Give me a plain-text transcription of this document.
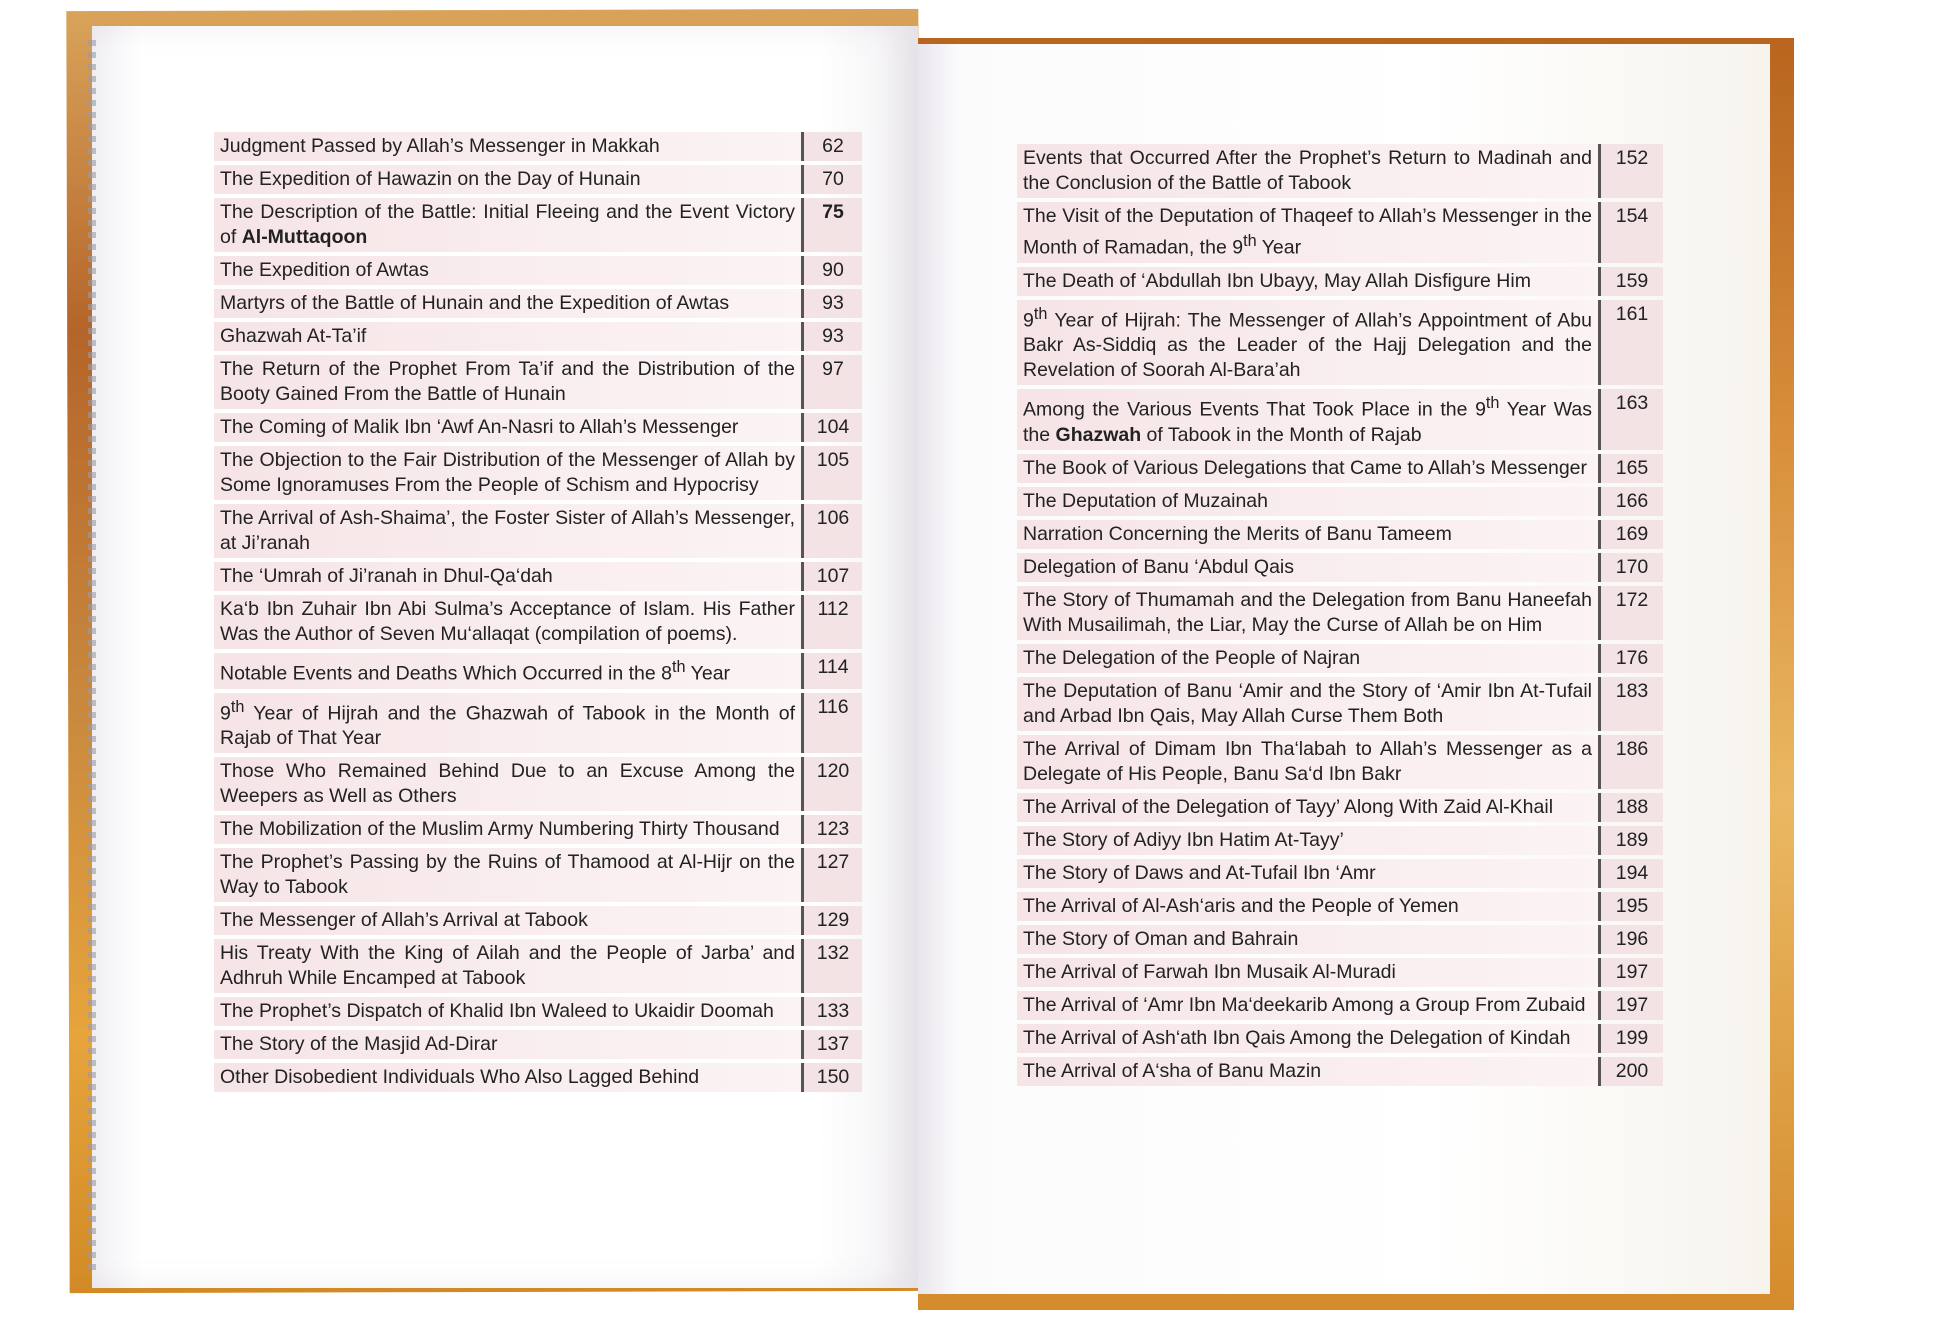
Judgment Passed by Allah’s Messenger in Makkah	62
The Expedition of Hawazin on the Day of Hunain	70
The Description of the Battle: Initial Fleeing and the Event Victory of Al-Muttaqoon	75
The Expedition of Awtas	90
Martyrs of the Battle of Hunain and the Expedition of Awtas	93
Ghazwah At-Ta’if	93
The Return of the Prophet From Ta’if and the Distribution of the Booty Gained From the Battle of Hunain	97
The Coming of Malik Ibn ‘Awf An-Nasri to Allah’s Messenger	104
The Objection to the Fair Distribution of the Messenger of Allah by Some Ignoramuses From the People of Schism and Hypocrisy	105
The Arrival of Ash-Shaima’, the Foster Sister of Allah’s Messenger, at Ji’ranah	106
The ‘Umrah of Ji’ranah in Dhul-Qa‘dah	107
Ka‘b Ibn Zuhair Ibn Abi Sulma’s Acceptance of Islam. His Father Was the Author of Seven Mu‘allaqat (compilation of poems).	112
Notable Events and Deaths Which Occurred in the 8th Year	114
9th Year of Hijrah and the Ghazwah of Tabook in the Month of Rajab of That Year	116
Those Who Remained Behind Due to an Excuse Among the Weepers as Well as Others	120
The Mobilization of the Muslim Army Numbering Thirty Thousand	123
The Prophet’s Passing by the Ruins of Thamood at Al-Hijr on the Way to Tabook	127
The Messenger of Allah’s Arrival at Tabook	129
His Treaty With the King of Ailah and the People of Jarba’ and Adhruh While Encamped at Tabook	132
The Prophet’s Dispatch of Khalid Ibn Waleed to Ukaidir Doomah	133
The Story of the Masjid Ad-Dirar	137
Other Disobedient Individuals Who Also Lagged Behind	150
Events that Occurred After the Prophet’s Return to Madinah and the Conclusion of the Battle of Tabook	152
The Visit of the Deputation of Thaqeef to Allah’s Messenger in the Month of Ramadan, the 9th Year	154
The Death of ‘Abdullah Ibn Ubayy, May Allah Disfigure Him	159
9th Year of Hijrah: The Messenger of Allah’s Appointment of Abu Bakr As-Siddiq as the Leader of the Hajj Delegation and the Revelation of Soorah Al-Bara’ah	161
Among the Various Events That Took Place in the 9th Year Was the Ghazwah of Tabook in the Month of Rajab	163
The Book of Various Delegations that Came to Allah’s Messenger	165
The Deputation of Muzainah	166
Narration Concerning the Merits of Banu Tameem	169
Delegation of Banu ‘Abdul Qais	170
The Story of Thumamah and the Delegation from Banu Haneefah With Musailimah, the Liar, May the Curse of Allah be on Him	172
The Delegation of the People of Najran	176
The Deputation of Banu ‘Amir and the Story of ‘Amir Ibn At-Tufail and Arbad Ibn Qais, May Allah Curse Them Both	183
The Arrival of Dimam Ibn Tha‘labah to Allah’s Messenger as a Delegate of His People, Banu Sa‘d Ibn Bakr	186
The Arrival of the Delegation of Tayy’ Along With Zaid Al-Khail	188
The Story of Adiyy Ibn Hatim At-Tayy’	189
The Story of Daws and At-Tufail Ibn ‘Amr	194
The Arrival of Al-Ash‘aris and the People of Yemen	195
The Story of Oman and Bahrain	196
The Arrival of Farwah Ibn Musaik Al-Muradi	197
The Arrival of ‘Amr Ibn Ma‘deekarib Among a Group From Zubaid	197
The Arrival of Ash‘ath Ibn Qais Among the Delegation of Kindah	199
The Arrival of A‘sha of Banu Mazin	200
